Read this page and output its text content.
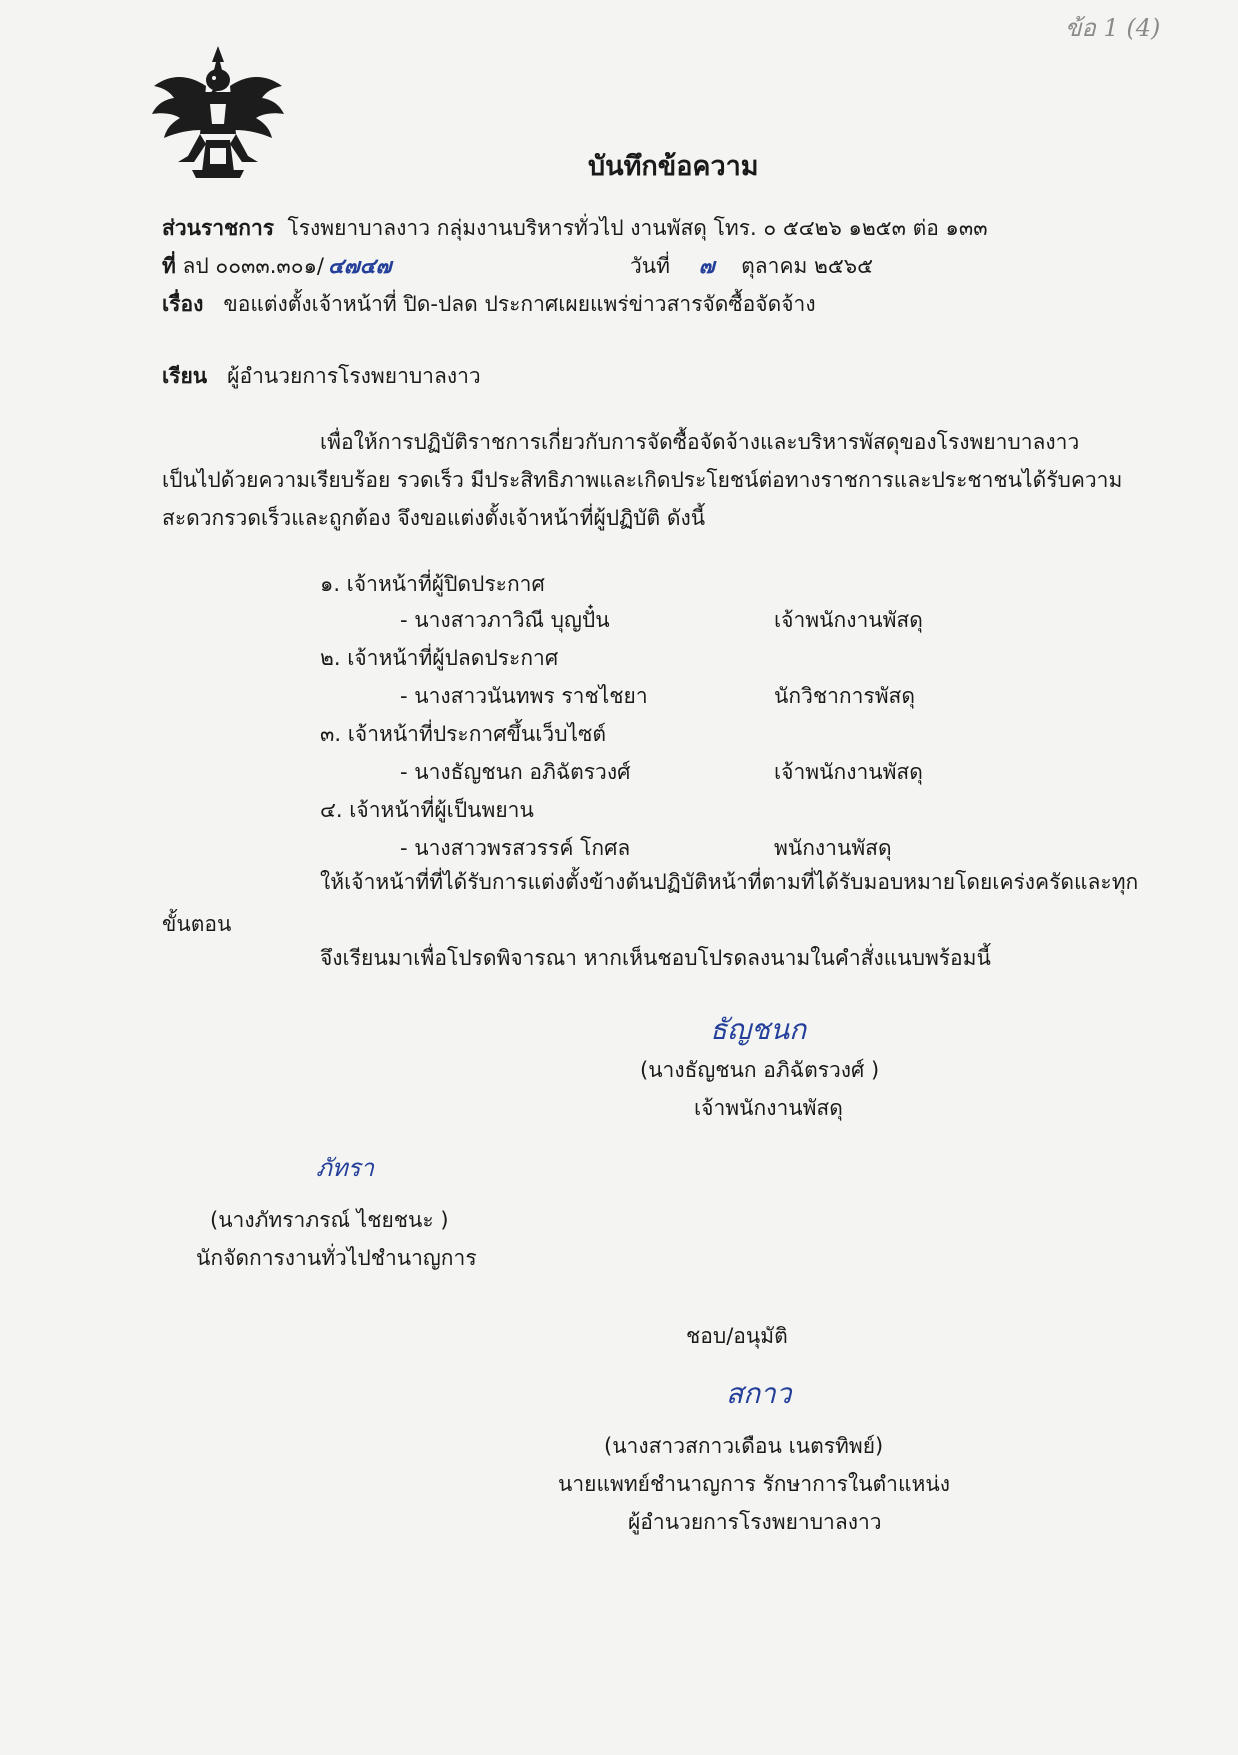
ข้อ 1 (4)
บันทึกข้อความ
ส่วนราชการ โรงพยาบาลงาว กลุ่มงานบริหารทั่วไป งานพัสดุ โทร. ๐ ๕๔๒๖ ๑๒๕๓ ต่อ ๑๓๓
ที่ ลป ๐๐๓๓.๓๐๑/ ๔๗๔๗	วันที่ ๗ ตุลาคม ๒๕๖๕
เรื่อง ขอแต่งตั้งเจ้าหน้าที่ ปิด-ปลด ประกาศเผยแพร่ข่าวสารจัดซื้อจัดจ้าง
เรียน ผู้อำนวยการโรงพยาบาลงาว
เพื่อให้การปฏิบัติราชการเกี่ยวกับการจัดซื้อจัดจ้างและบริหารพัสดุของโรงพยาบาลงาว
เป็นไปด้วยความเรียบร้อย รวดเร็ว มีประสิทธิภาพและเกิดประโยชน์ต่อทางราชการและประชาชนได้รับความ
สะดวกรวดเร็วและถูกต้อง จึงขอแต่งตั้งเจ้าหน้าที่ผู้ปฏิบัติ ดังนี้
๑. เจ้าหน้าที่ผู้ปิดประกาศ
- นางสาวภาวิณี บุญปั๋น	เจ้าพนักงานพัสดุ
๒. เจ้าหน้าที่ผู้ปลดประกาศ
- นางสาวนันทพร ราชไชยา	นักวิชาการพัสดุ
๓. เจ้าหน้าที่ประกาศขึ้นเว็บไซต์
- นางธัญชนก อภิฉัตรวงศ์	เจ้าพนักงานพัสดุ
๔. เจ้าหน้าที่ผู้เป็นพยาน
- นางสาวพรสวรรค์ โกศล	พนักงานพัสดุ
ให้เจ้าหน้าที่ที่ได้รับการแต่งตั้งข้างต้นปฏิบัติหน้าที่ตามที่ได้รับมอบหมายโดยเคร่งครัดและทุก
ขั้นตอน
จึงเรียนมาเพื่อโปรดพิจารณา หากเห็นชอบโปรดลงนามในคำสั่งแนบพร้อมนี้
ธัญชนก
(นางธัญชนก อภิฉัตรวงศ์ )
เจ้าพนักงานพัสดุ
ภัทรา
(นางภัทราภรณ์ ไชยชนะ )
นักจัดการงานทั่วไปชำนาญการ
ชอบ/อนุมัติ
สกาว
(นางสาวสกาวเดือน เนตรทิพย์)
นายแพทย์ชำนาญการ รักษาการในตำแหน่ง
ผู้อำนวยการโรงพยาบาลงาว
